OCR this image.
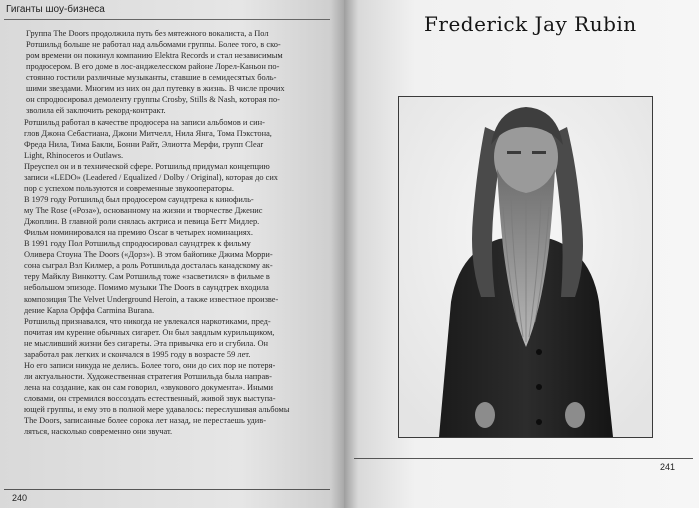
Гиганты шоу-бизнеса

Группа The Doors продолжила путь без мятежного вокалиста, а Пол
Ротшильд больше не работал над альбомами группы. Более того, в ско-
ром времени он покинул компанию Elektra Records и стал независимым
продюсером. В его доме в лос-анджелесском районе Лорел-Каньон по-
стоянно гостили различные музыканты, ставшие в семидесятых боль-
шими звездами. Многим из них он дал путевку в жизнь. В числе прочих
он спродюсировал демоленту группы Crosby, Stills & Nash, которая по-
зволила ей заключить рекорд-контракт.

Ротшильд работал в качестве продюсера на записи альбомов и син-
глов Джона Себастиана, Джони Митчелл, Нила Янга, Тома Пэкстона,
Фреда Нила, Тима Бакли, Бонни Райт, Элиотта Мерфи, групп Clear
Light, Rhinoceros и Outlaws.

Преуспел он и в технической сфере. Ротшильд придумал концепцию
записи «LEDO» (Leadered / Equalized / Dolby / Original), которая до сих
пор с успехом пользуются и современные звукооператоры.

В 1979 году Ротшильд был продюсером саундтрека к кинофиль-
му The Rose («Роза»), основанному на жизни и творчестве Дженис
Джоплин. В главной роли снялась актриса и певица Бетт Мидлер.
Фильм номинировался на премию Oscar в четырех номинациях.

В 1991 году Пол Ротшильд спродюсировал саундтрек к фильму
Оливера Стоуна The Doors («Дорз»). В этом байопике Джима Морри-
сона сыграл Вэл Килмер, а роль Ротшильда досталась канадскому ак-
теру Майклу Винкотту. Сам Ротшильд тоже «засветился» в фильме в
небольшом эпизоде. Помимо музыки The Doors в саундтрек входила
композиция The Velvet Underground Heroin, а также известное произве-
дение Карла Орффа Carmina Burana.

Ротшильд признавался, что никогда не увлекался наркотиками, пред-
почитая им курение обычных сигарет. Он был заядлым курильщиком,
не мысливший жизни без сигареты. Эта привычка его и сгубила. Он
заработал рак легких и скончался в 1995 году в возрасте 59 лет.

Но его записи никуда не делись. Более того, они до сих пор не потеря-
ли актуальности. Художественная стратегия Ротшильда была направ-
лена на создание, как он сам говорил, «звукового документа». Иными
словами, он стремился воссоздать естественный, живой звук выступа-
ющей группы, и ему это в полной мере удавалось: переслушивая альбомы
The Doors, записанные более сорока лет назад, не перестаешь удив-
ляться, насколько современно они звучат.

240
Frederick Jay Rubin
241
